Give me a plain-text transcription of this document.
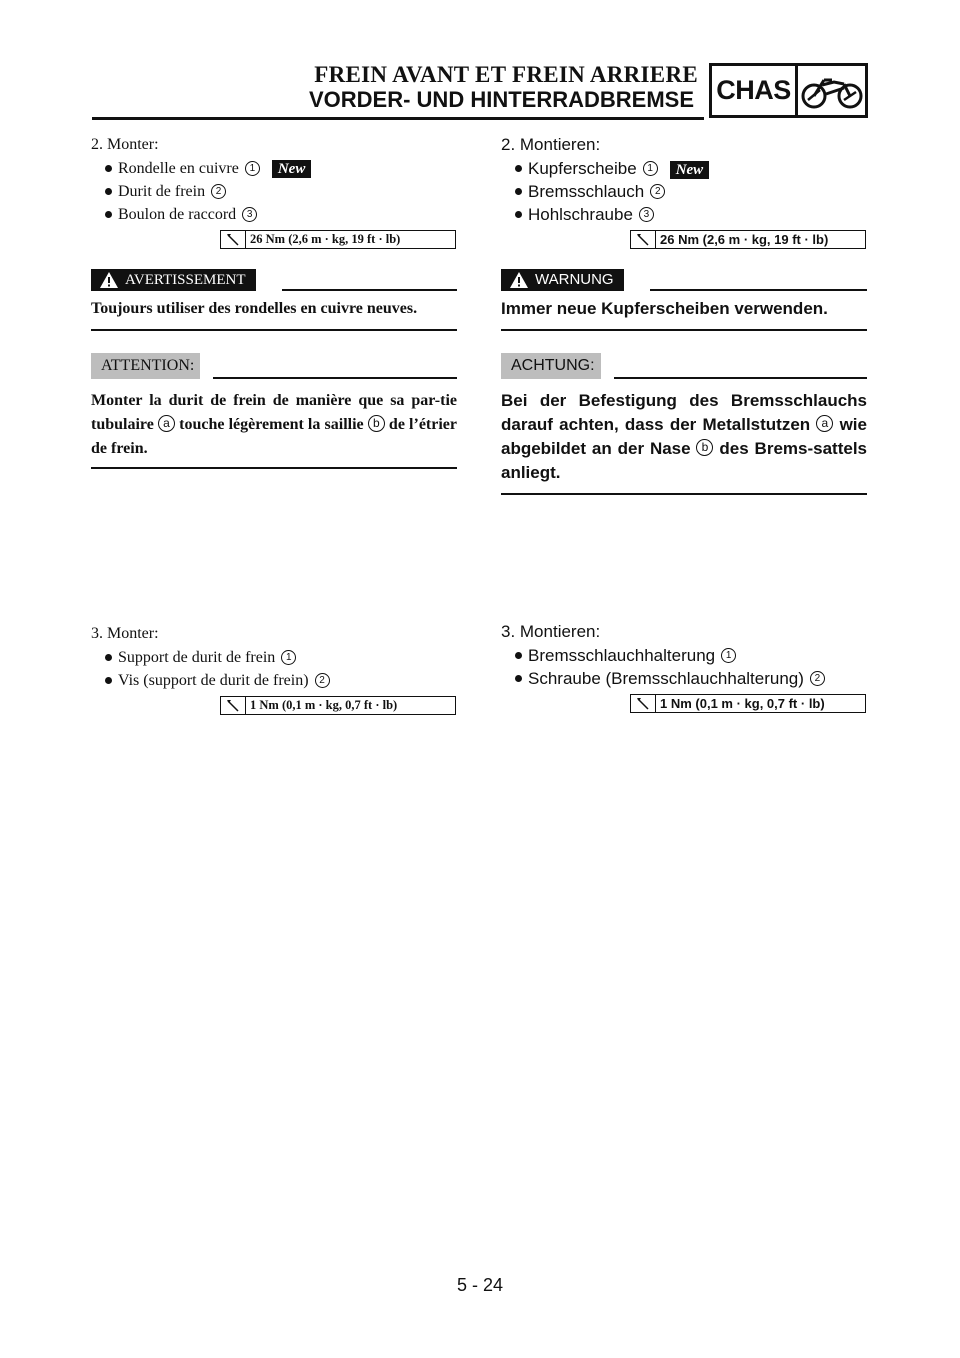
FREIN AVANT ET FREIN ARRIERE
VORDER- UND HINTERRADBREMSE CHAS
2. Monter:
Rondelle en cuivre 1 New
Durit de frein 2
Boulon de raccord 3
26 Nm (2,6 m · kg, 19 ft · lb)
AVERTISSEMENT
Toujours utiliser des rondelles en cuivre neuves.
ATTENTION:
Monter la durit de frein de manière que sa par-tie tubulaire a touche légèrement la saillie b de l’étrier de frein.
3. Monter:
Support de durit de frein 1
Vis (support de durit de frein) 2
1 Nm (0,1 m · kg, 0,7 ft · lb)
2. Montieren:
Kupferscheibe 1 New
Bremsschlauch 2
Hohlschraube 3
26 Nm (2,6 m · kg, 19 ft · lb)
WARNUNG
Immer neue Kupferscheiben verwenden.
ACHTUNG:
Bei der Befestigung des Bremsschlauchs darauf achten, dass der Metallstutzen a wie abgebildet an der Nase b des Brems-sattels anliegt.
3. Montieren:
Bremsschlauchhalterung 1
Schraube (Bremsschlauchhalterung) 2
1 Nm (0,1 m · kg, 0,7 ft · lb)
5 - 24
